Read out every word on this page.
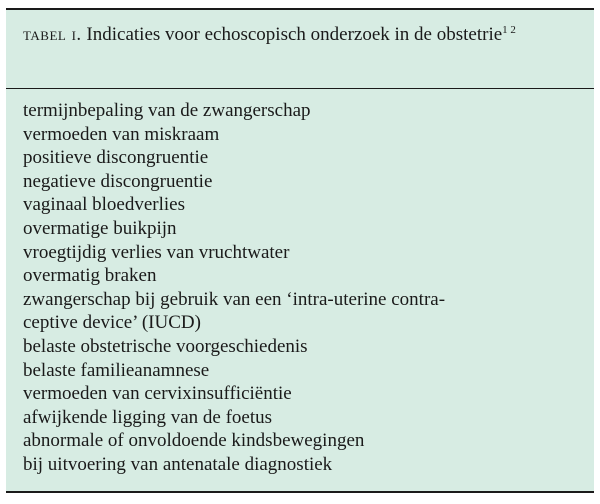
tabel i. Indicaties voor echoscopisch onderzoek in de obstetrie$^{1 2}$
termijnbepaling van de zwangerschap
vermoeden van miskraam
positieve discongruentie
negatieve discongruentie
vaginaal bloedverlies
overmatige buikpijn
vroegtijdig verlies van vruchtwater
overmatig braken
zwangerschap bij gebruik van een ‘intra-uterine contra-
ceptive device’ (IUCD)
belaste obstetrische voorgeschiedenis
belaste familieanamnese
vermoeden van cervixinsufficiëntie
afwijkende ligging van de foetus
abnormale of onvoldoende kindsbewegingen
bij uitvoering van antenatale diagnostiek
